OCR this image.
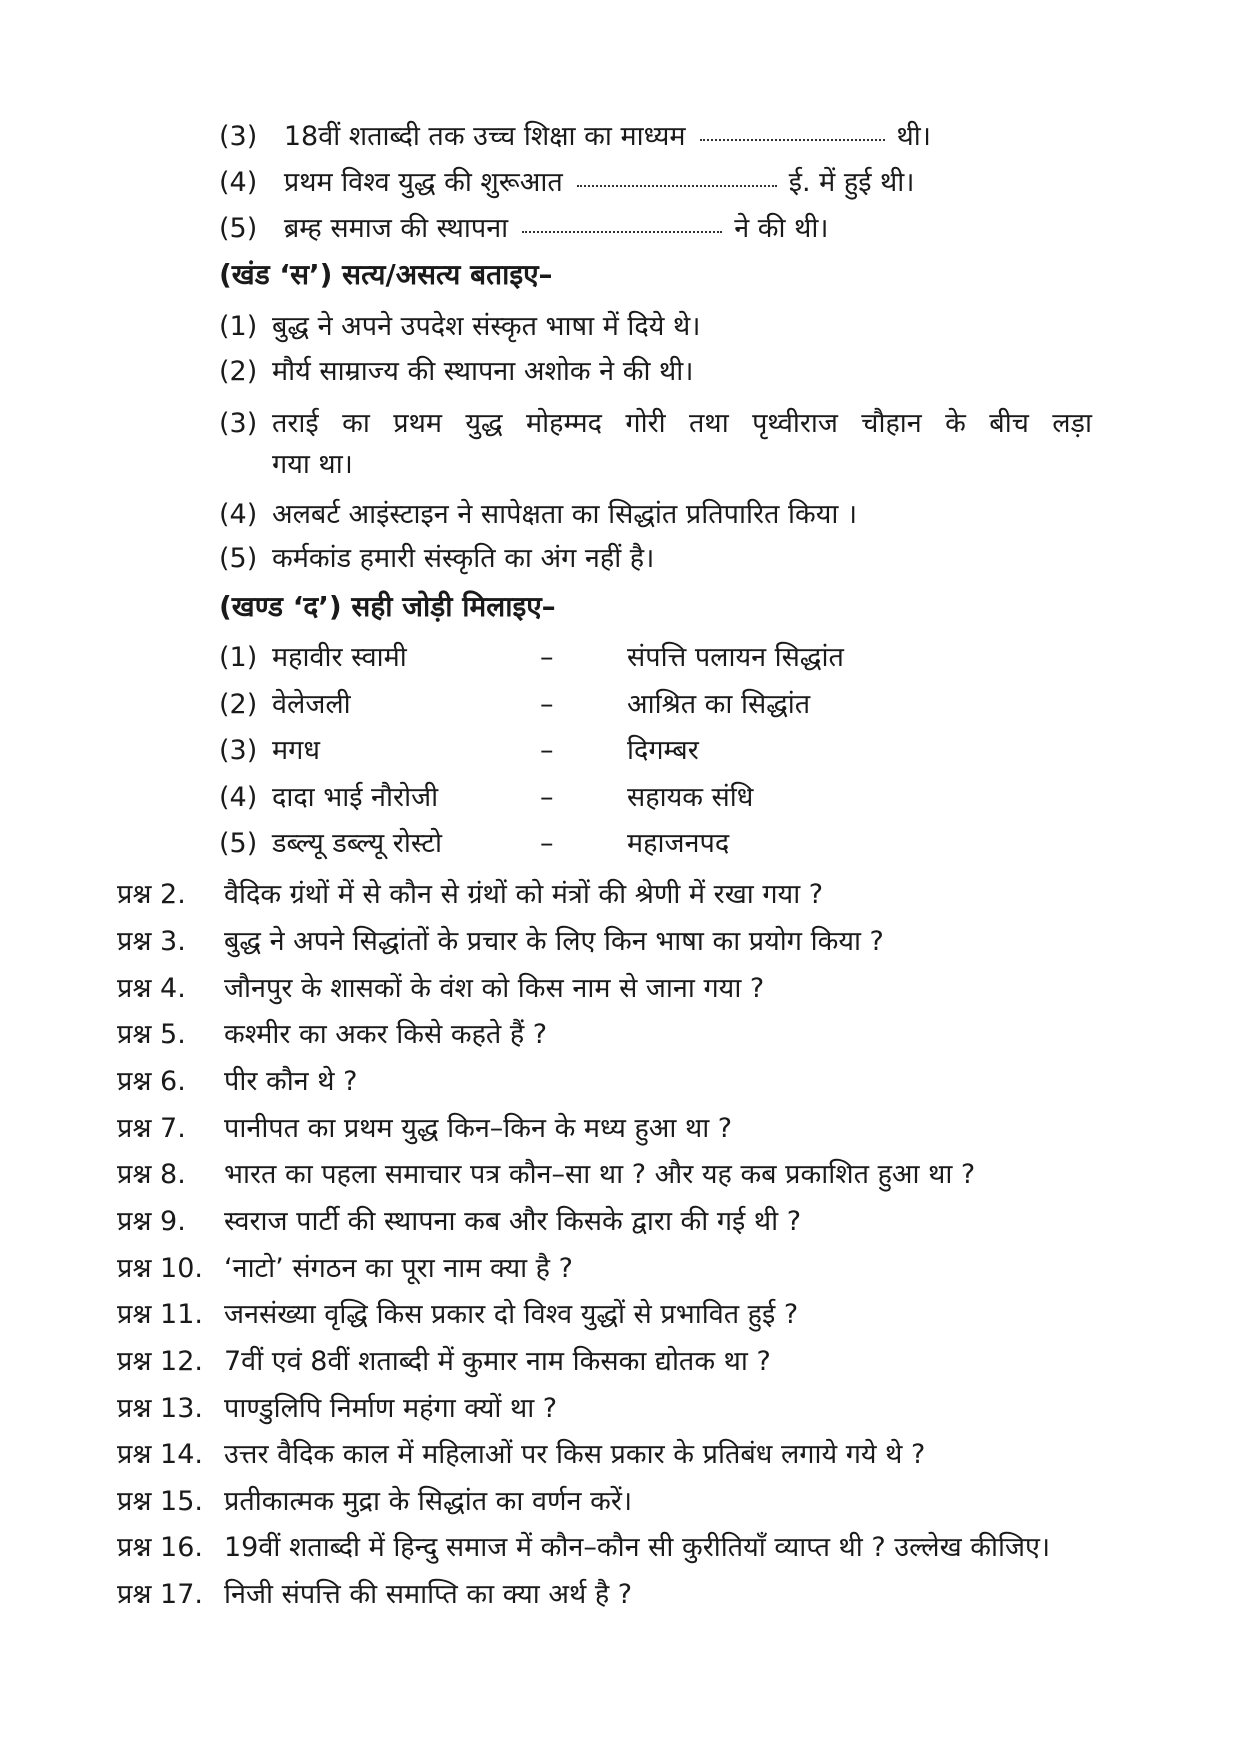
(3) 18वीं शताब्दी तक उच्च शिक्षा का माध्यम	थी।
(4) प्रथम विश्व युद्ध की शुरूआत	ई. में हुई थी।
(5) ब्रम्ह समाज की स्थापना	ने की थी।
(खंड ‘स’) सत्य/असत्य बताइए–
(1) बुद्ध ने अपने उपदेश संस्कृत भाषा में दिये थे।
(2) मौर्य साम्राज्य की स्थापना अशोक ने की थी।
(3) तराई का प्रथम युद्ध मोहम्मद गोरी तथा पृथ्वीराज चौहान के बीच लड़ा
गया था।
(4) अलबर्ट आइंस्टाइन ने सापेक्षता का सिद्धांत प्रतिपारित किया ।
(5) कर्मकांड हमारी संस्कृति का अंग नहीं है।
(खण्ड ‘द’) सही जोड़ी मिलाइए–
(1) महावीर स्वामी	–	संपत्ति पलायन सिद्धांत
(2) वेलेजली	–	आश्रित का सिद्धांत
(3) मगध	–	दिगम्बर
(4) दादा भाई नौरोजी	–	सहायक संधि
(5) डब्ल्यू डब्ल्यू रोस्टो	–	महाजनपद
प्रश्न 2. वैदिक ग्रंथों में से कौन से ग्रंथों को मंत्रों की श्रेणी में रखा गया ?
प्रश्न 3. बुद्ध ने अपने सिद्धांतों के प्रचार के लिए किन भाषा का प्रयोग किया ?
प्रश्न 4. जौनपुर के शासकों के वंश को किस नाम से जाना गया ?
प्रश्न 5. कश्मीर का अकर किसे कहते हैं ?
प्रश्न 6. पीर कौन थे ?
प्रश्न 7. पानीपत का प्रथम युद्ध किन–किन के मध्य हुआ था ?
प्रश्न 8. भारत का पहला समाचार पत्र कौन–सा था ? और यह कब प्रकाशित हुआ था ?
प्रश्न 9. स्वराज पार्टी की स्थापना कब और किसके द्वारा की गई थी ?
प्रश्न 10. ‘नाटो’ संगठन का पूरा नाम क्या है ?
प्रश्न 11. जनसंख्या वृद्धि किस प्रकार दो विश्व युद्धों से प्रभावित हुई ?
प्रश्न 12. 7वीं एवं 8वीं शताब्दी में कुमार नाम किसका द्योतक था ?
प्रश्न 13. पाण्डुलिपि निर्माण महंगा क्यों था ?
प्रश्न 14. उत्तर वैदिक काल में महिलाओं पर किस प्रकार के प्रतिबंध लगाये गये थे ?
प्रश्न 15. प्रतीकात्मक मुद्रा के सिद्धांत का वर्णन करें।
प्रश्न 16. 19वीं शताब्दी में हिन्दु समाज में कौन–कौन सी कुरीतियाँ व्याप्त थी ? उल्लेख कीजिए।
प्रश्न 17. निजी संपत्ति की समाप्ति का क्या अर्थ है ?
